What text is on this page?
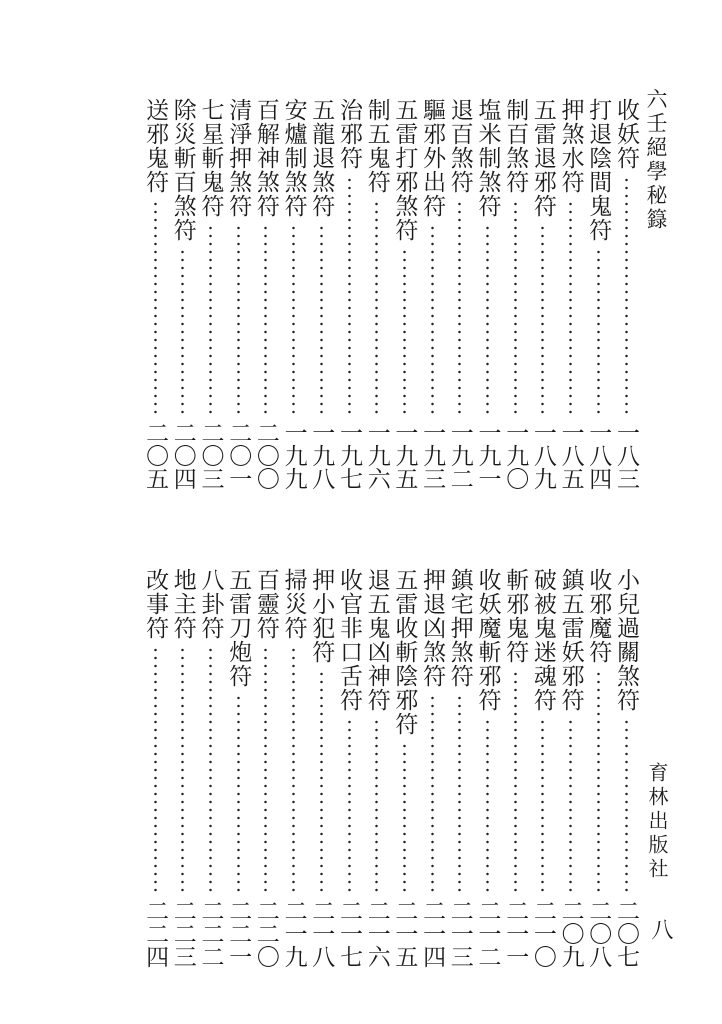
六壬絕學秘籙
育林出版社
八
收妖符
一八三
打退陰間鬼符
一八四
押煞水符
一八五
五雷退邪符
一八九
制百煞符
一九〇
塩米制煞符
一九一
退百煞符
一九二
驅邪外出符
一九三
五雷打邪煞符
一九五
制五鬼符
一九六
治邪符
一九七
五龍退煞符
一九八
安爐制煞符
一九九
百解神煞符
二〇〇
清淨押煞符
二〇一
七星斬鬼符
二〇三
除災斬百煞符
二〇四
送邪鬼符
二〇五
小兒過關煞符
二〇七
收邪魔符
二〇八
鎮五雷妖邪符
二〇九
破被鬼迷魂符
二一〇
斬邪鬼符
二一一
收妖魔斬邪符
二一二
鎮宅押煞符
二一三
押退凶煞符
二一四
五雷收斬陰邪符
二一五
退五鬼凶神符
二一六
收官非口舌符
二一七
押小犯符
二一八
掃災符
二一九
百靈符
二二〇
五雷刀炮符
二二一
八卦符
二二二
地主符
二二三
改事符
二二四
